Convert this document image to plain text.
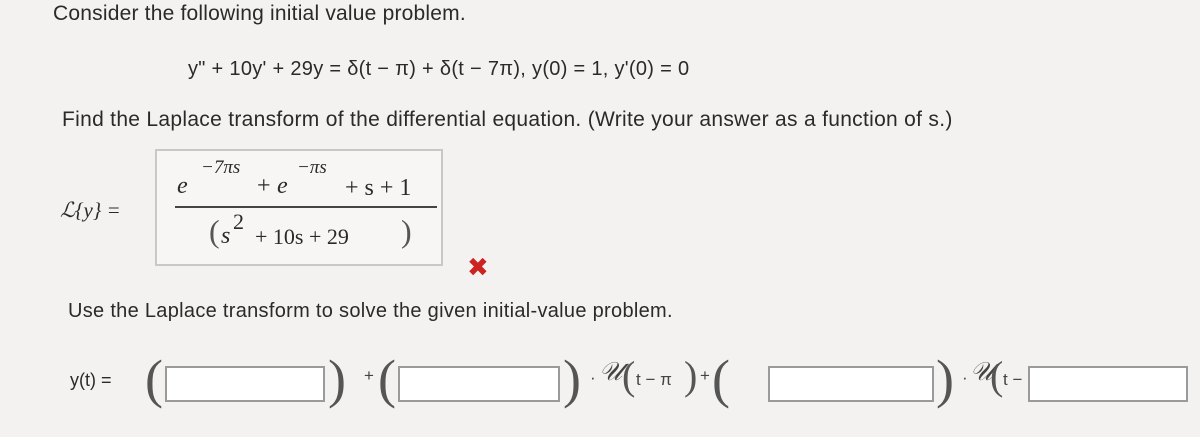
Consider the following initial value problem.
y" + 10y' + 29y = δ(t − π) + δ(t − 7π), y(0) = 1, y'(0) = 0
Find the Laplace transform of the differential equation. (Write your answer as a function of s.)
ℒ{y} =
e
−7πs
+ e
−πs
+ s + 1
( s
2
+ 10s + 29 )
✖
Use the Laplace transform to solve the given initial-value problem.
y(t) = (	) + (	) · 𝒰 ( t − π ) + (	) · 𝒰
( t −
